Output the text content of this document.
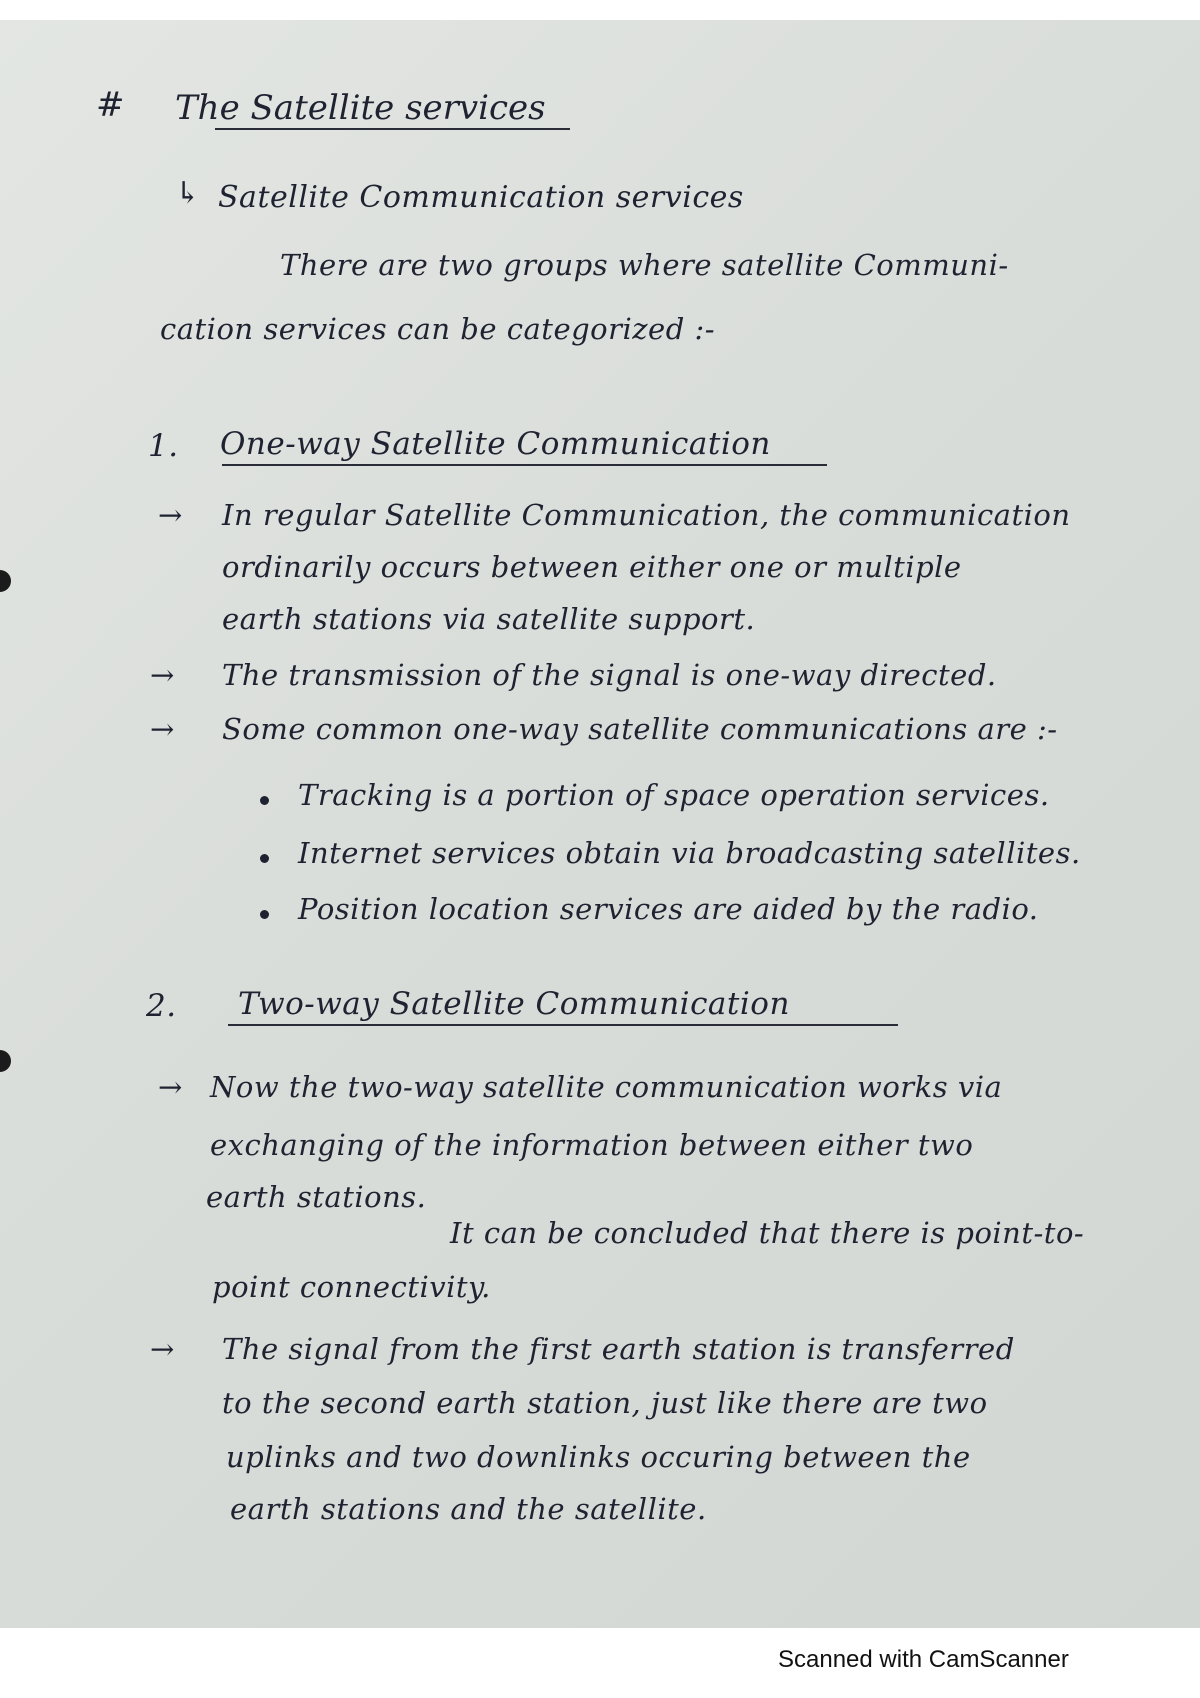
# The Satellite services
↳ Satellite Communication services
There are two groups where satellite Communi-
cation services can be categorized :-
1. One-way Satellite Communication
→ In regular Satellite Communication, the communication
ordinarily occurs between either one or multiple
earth stations via satellite support.
→ The transmission of the signal is one-way directed.
→ Some common one-way satellite communications are :-
Tracking is a portion of space operation services.
Internet services obtain via broadcasting satellites.
Position location services are aided by the radio.
2. Two-way Satellite Communication
→ Now the two-way satellite communication works via
exchanging of the information between either two
earth stations.
It can be concluded that there is point-to-
point connectivity.
→ The signal from the first earth station is transferred
to the second earth station, just like there are two
uplinks and two downlinks occuring between the
earth stations and the satellite.
Scanned with CamScanner
